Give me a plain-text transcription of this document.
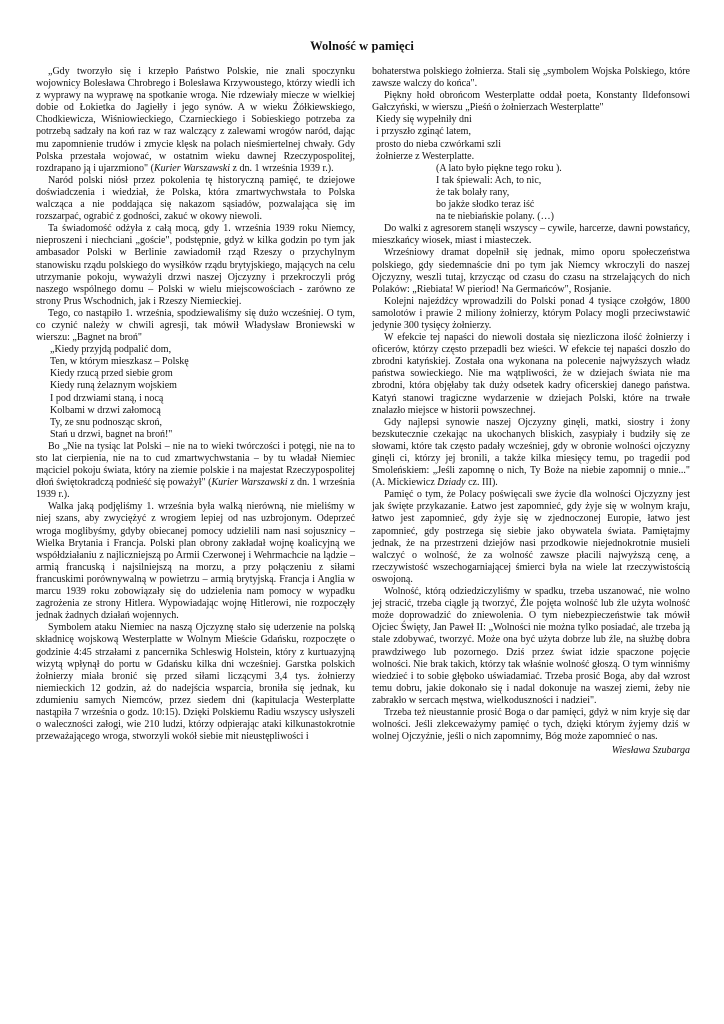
Wolność w pamięci

„Gdy tworzyło się i krzepło Państwo Polskie, nie znali spoczynku wojownicy Bolesława Chrobrego i Bolesława Krzywoustego, którzy wiedli ich z wyprawy na wyprawę na spotkanie wroga. Nie rdzewiały miecze w wielkiej dobie od Łokietka do Jagiełły i jego synów. A w wieku Żółkiewskiego, Chodkiewicza, Wiśniowieckiego, Czarnieckiego i Sobieskiego potrzeba za potrzebą sadzały na koń raz w raz walczący z zalewami wrogów naród, dając mu zapomnienie trudów i zmycie klęsk na polach nieśmiertelnej chwały. Gdy Polska przestała wojować, w ostatnim wieku dawnej Rzeczypospolitej, rozdrapano ją i ujarzmiono" (Kurier Warszawski z dn. 1 września 1939 r.).

Naród polski niósł przez pokolenia tę historyczną pamięć, te dziejowe doświadczenia i wiedział, że Polska, która zmartwychwstała to Polska walcząca a nie poddająca się nakazom sąsiadów, pozwalająca się im rozszarpać, ograbić z godności, zakuć w okowy niewoli.

Ta świadomość odżyła z całą mocą, gdy 1. września 1939 roku Niemcy, nieproszeni i niechciani „goście", podstępnie, gdyż w kilka godzin po tym jak ambasador Polski w Berlinie zawiadomił rząd Rzeszy o przychylnym stanowisku rządu polskiego do wysiłków rządu brytyjskiego, mających na celu utrzymanie pokoju, wyważyli drzwi naszej Ojczyzny i przekroczyli próg naszego wspólnego domu – Polski w wielu miejscowościach - zarówno ze strony Prus Wschodnich, jak i Rzeszy Niemieckiej.

Tego, co nastąpiło 1. września, spodziewaliśmy się dużo wcześniej. O tym, co czynić należy w chwili agresji, tak mówił Władysław Broniewski w wierszu: „Bagnet na broń"

„Kiedy przyjdą podpalić dom,
Ten, w którym mieszkasz – Polskę
Kiedy rzucą przed siebie grom
Kiedy runą żelaznym wojskiem
I pod drzwiami staną, i nocą
Kolbami w drzwi załomocą
Ty, ze snu podnosząc skroń,
Stań u drzwi, bagnet na broń!"

Bo „Nie na tysiąc lat Polski – nie na to wieki twórczości i potęgi, nie na to sto lat cierpienia, nie na to cud zmartwychwstania – by tu władał Niemiec mąciciel pokoju świata, który na ziemie polskie i na majestat Rzeczypospolitej dłoń świętokradczą podnieść się poważył" (Kurier Warszawski z dn. 1 września 1939 r.).

Walka jaką podjęliśmy 1. września była walką nierówną, nie mieliśmy w niej szans, aby zwyciężyć z wrogiem lepiej od nas uzbrojonym. Odeprzeć wroga moglibyśmy, gdyby obiecanej pomocy udzielili nam nasi sojusznicy – Wielka Brytania i Francja. Polski plan obrony zakładał wojnę koalicyjną we współdziałaniu z najliczniejszą po Armii Czerwonej i Wehrmachcie na lądzie – armią francuską i najsilniejszą na morzu, a przy połączeniu z siłami francuskimi porównywalną w powietrzu – armią brytyjską. Francja i Anglia w marcu 1939 roku zobowiązały się do udzielenia nam pomocy w wypadku zagrożenia ze strony Hitlera. Wypowiadając wojnę Hitlerowi, nie rozpoczęły jednak żadnych działań wojennych.

Symbolem ataku Niemiec na naszą Ojczyznę stało się uderzenie na polską składnicę wojskową Westerplatte w Wolnym Mieście Gdańsku, rozpoczęte o godzinie 4:45 strzałami z pancernika Schleswig Holstein, który z kurtuazyjną wizytą wpłynął do portu w Gdańsku kilka dni wcześniej. Garstka polskich żołnierzy miała bronić się przed siłami liczącymi 3,4 tys. żołnierzy niemieckich 12 godzin, aż do nadejścia wsparcia, broniła się jednak, ku zdumieniu samych Niemców, przez siedem dni (kapitulacja Westerplatte nastąpiła 7 września o godz. 10:15). Dzięki Polskiemu Radiu wszyscy usłyszeli o waleczności załogi, wie 210 ludzi, którzy odpierając ataki kilkunastokrotnie przeważającego wroga, stworzyli wokół siebie mit nieustępliwości i

bohaterstwa polskiego żołnierza. Stali się „symbolem Wojska Polskiego, które zawsze walczy do końca".

Piękny hołd obrońcom Westerplatte oddał poeta, Konstanty Ildefonsowi Gałczyński, w wierszu „Pieśń o żołnierzach Westerplatte"

Kiedy się wypełniły dni
i przyszło zginąć latem,
prosto do nieba czwórkami szli
żołnierze z Westerplatte.
(A lato było piękne tego roku ).
I tak śpiewali: Ach, to nic,
że tak bolały rany,
bo jakże słodko teraz iść
na te niebiańskie polany. (…)

Do walki z agresorem stanęli wszyscy – cywile, harcerze, dawni powstańcy, mieszkańcy wiosek, miast i miasteczek.

Wrześniowy dramat dopełnił się jednak, mimo oporu społeczeństwa polskiego, gdy siedemnaście dni po tym jak Niemcy wkroczyli do naszej Ojczyzny, weszli tutaj, krzycząc od czasu do czasu na strzelających do nich Polaków: „Riebiata! W pieriod! Na Germańców", Rosjanie.

Kolejni najeźdźcy wprowadzili do Polski ponad 4 tysiące czołgów, 1800 samolotów i prawie 2 miliony żołnierzy, którym Polacy mogli przeciwstawić jedynie 300 tysięcy żołnierzy.

W efekcie tej napaści do niewoli dostała się niezliczona ilość żołnierzy i oficerów, którzy często przepadli bez wieści. W efekcie tej napaści doszło do zbrodni katyńskiej. Została ona wykonana na polecenie najwyższych władz państwa sowieckiego. Nie ma wątpliwości, że w dziejach świata nie ma zbrodni, która objęłaby tak duży odsetek kadry oficerskiej danego państwa. Katyń stanowi tragiczne wydarzenie w dziejach Polski, które na trwałe znalazło miejsce w historii powszechnej.

Gdy najlepsi synowie naszej Ojczyzny ginęli, matki, siostry i żony bezskutecznie czekając na ukochanych bliskich, zasypiały i budziły się ze słowami, które tak często padały wcześniej, gdy w obronie wolności ojczyzny ginęli ci, którzy jej bronili, a także kilka miesięcy temu, po tragedii pod Smoleńskiem: „Jeśli zapomnę o nich, Ty Boże na niebie zapomnij o mnie..." (A. Mickiewicz Dziady cz. III).

Pamięć o tym, że Polacy poświęcali swe życie dla wolności Ojczyzny jest jak święte przykazanie. Łatwo jest zapomnieć, gdy żyje się w wolnym kraju, łatwo jest zapomnieć, gdy żyje się w zjednoczonej Europie, łatwo jest zapomnieć, gdy postrzega się siebie jako obywatela świata. Pamiętajmy jednak, że na przestrzeni dziejów nasi przodkowie niejednokrotnie musieli walczyć o wolność, że za wolność zawsze płacili najwyższą cenę, a rzeczywistość wszechogarniającej śmierci była na wiele lat rzeczywistością oswojoną.

Wolność, którą odziedziczyliśmy w spadku, trzeba uszanować, nie wolno jej stracić, trzeba ciągle ją tworzyć, Źle pojęta wolność lub źle użyta wolność może doprowadzić do zniewolenia. O tym niebezpieczeństwie tak mówił Ojciec Święty, Jan Paweł II: „Wolności nie można tylko posiadać, ale trzeba ją stale zdobywać, tworzyć. Może ona być użyta dobrze lub źle, na służbę dobra prawdziwego lub pozornego. Dziś przez świat idzie spaczone pojęcie wolności. Nie brak takich, którzy tak właśnie wolność głoszą. O tym winniśmy wiedzieć i to sobie głęboko uświadamiać. Trzeba prosić Boga, aby dał wzrost temu dobru, jakie dokonało się i nadal dokonuje na waszej ziemi, żeby nie zabrakło w sercach męstwa, wielkoduszności i nadziei".

Trzeba też nieustannie prosić Boga o dar pamięci, gdyż w nim kryje się dar wolności. Jeśli zlekceważymy pamięć o tych, dzięki którym żyjemy dziś w wolnej Ojczyźnie, jeśli o nich zapomnimy, Bóg może zapomnieć o nas.

Wiesława Szubarga
